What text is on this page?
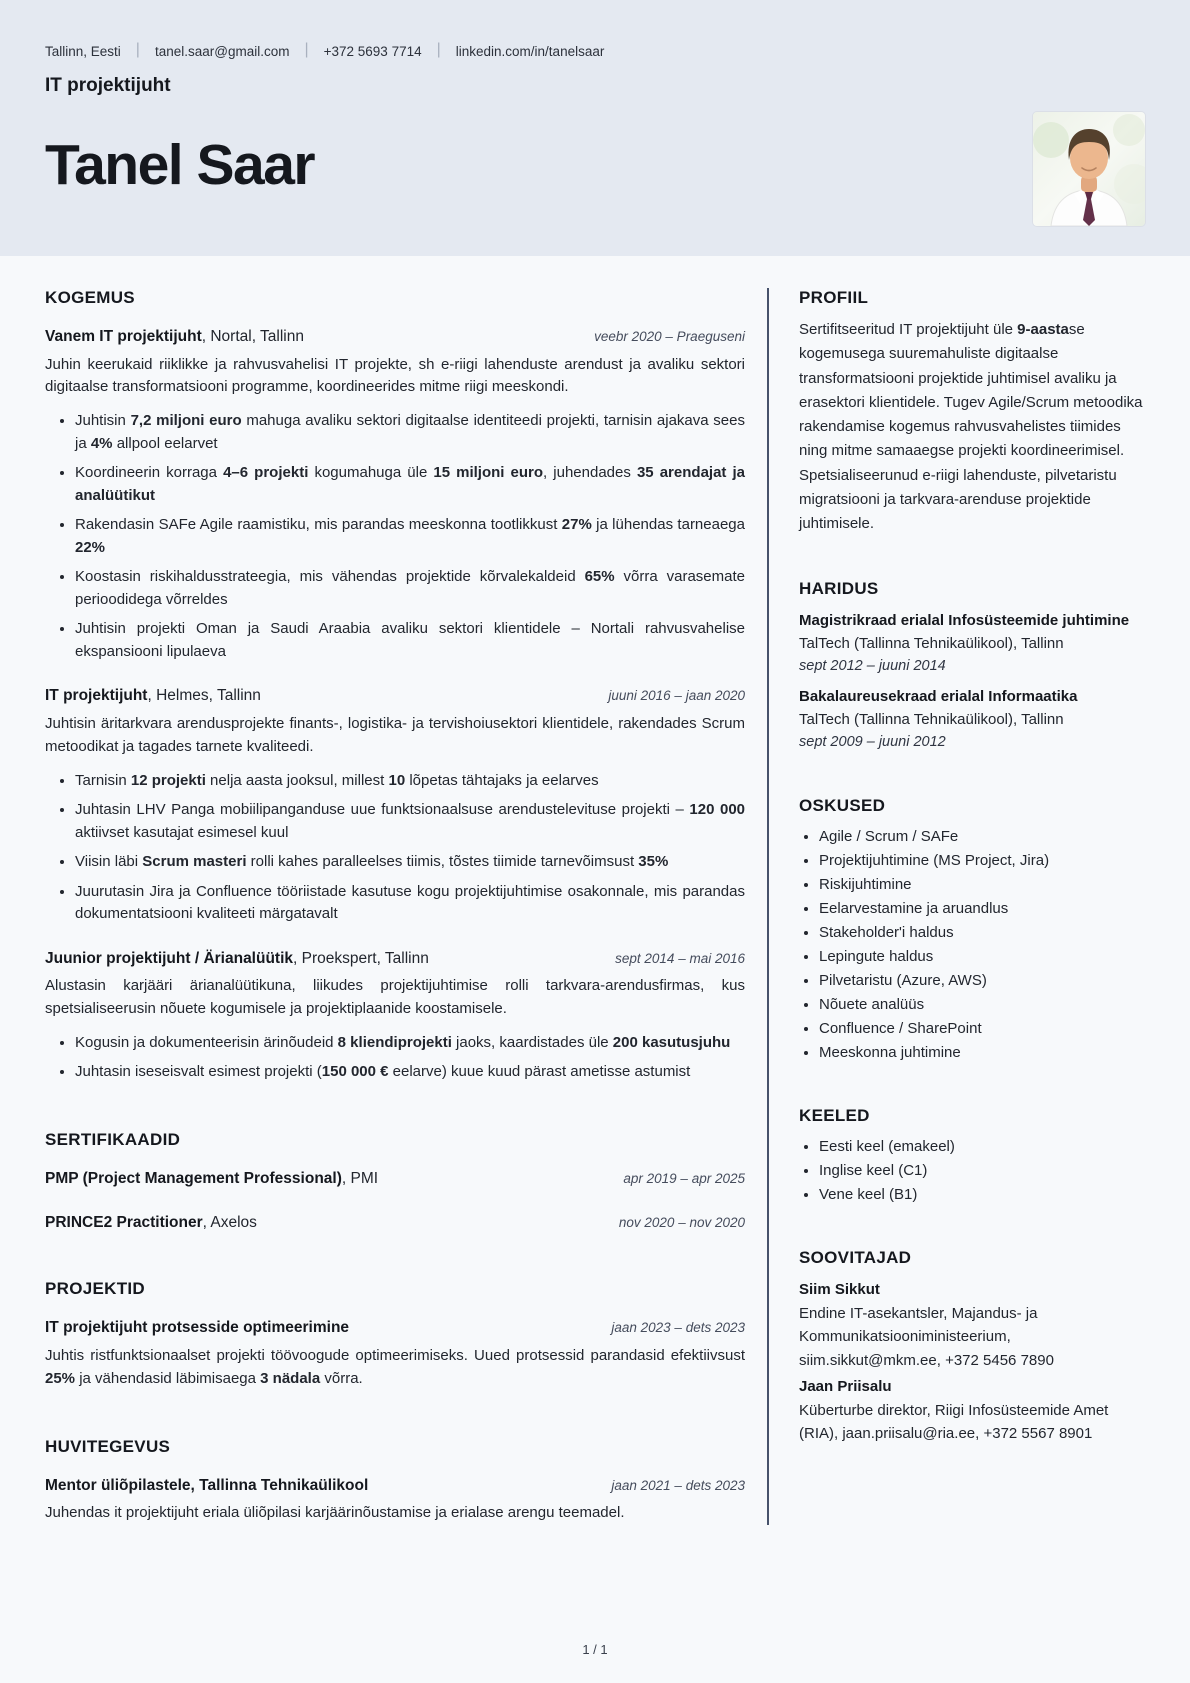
Tallinn, Eesti | tanel.saar@gmail.com | +372 5693 7714 | linkedin.com/in/tanelsaar
IT projektijuht
Tanel Saar
KOGEMUS
Vanem IT projektijuht, Nortal, Tallinn	veebr 2020 – Praeguseni
Juhin keerukaid riiklikke ja rahvusvahelisi IT projekte, sh e-riigi lahenduste arendust ja avaliku sektori digitaalse transformatsiooni programme, koordineerides mitme riigi meeskondi.
• Juhtisin 7,2 miljoni euro mahuga avaliku sektori digitaalse identiteedi projekti, tarnisin ajakava sees ja 4% allpool eelarvet
• Koordineerin korraga 4–6 projekti kogumahuga üle 15 miljoni euro, juhendades 35 arendajat ja analüütikut
• Rakendasin SAFe Agile raamistiku, mis parandas meeskonna tootlikkust 27% ja lühendas tarneaega 22%
• Koostasin riskihaldusstrateegia, mis vähendas projektide kõrvalekaldeid 65% võrra varasemate perioodidega võrreldes
• Juhtisin projekti Oman ja Saudi Araabia avaliku sektori klientidele – Nortali rahvusvahelise ekspansiooni lipulaeva
IT projektijuht, Helmes, Tallinn	juuni 2016 – jaan 2020
Juhtisin äritarkvara arendusprojekte finants-, logistika- ja tervishoiusektori klientidele, rakendades Scrum metoodikat ja tagades tarnete kvaliteedi.
• Tarnisin 12 projekti nelja aasta jooksul, millest 10 lõpetas tähtajaks ja eelarves
• Juhtasin LHV Panga mobiilipanganduse uue funktsionaalsuse arendustelevituse projekti – 120 000 aktiivset kasutajat esimesel kuul
• Viisin läbi Scrum masteri rolli kahes paralleelses tiimis, tõstes tiimide tarnevõimsust 35%
• Juurutasin Jira ja Confluence tööriistade kasutuse kogu projektijuhtimise osakonnale, mis parandas dokumentatsiooni kvaliteeti märgatavalt
Juunior projektijuht / Ärianalüütik, Proekspert, Tallinn	sept 2014 – mai 2016
Alustasin karjääri ärianalüütikuna, liikudes projektijuhtimise rolli tarkvara-arendusfirmas, kus spetsialiseerusin nõuete kogumisele ja projektiplaanide koostamisele.
• Kogusin ja dokumenteerisin ärinõudeid 8 kliendiprojekti jaoks, kaardistades üle 200 kasutusjuhu
• Juhtasin iseseisvalt esimest projekti (150 000 € eelarve) kuue kuud pärast ametisse astumist
SERTIFIKAADID
PMP (Project Management Professional), PMI	apr 2019 – apr 2025
PRINCE2 Practitioner, Axelos	nov 2020 – nov 2020
PROJEKTID
IT projektijuht protsesside optimeerimine	jaan 2023 – dets 2023
Juhtis ristfunktsionaalset projekti töövoogude optimeerimiseks. Uued protsessid parandasid efektiivsust 25% ja vähendasid läbimisaega 3 nädala võrra.
HUVITEGEVUS
Mentor üliõpilastele, Tallinna Tehnikaülikool	jaan 2021 – dets 2023
Juhendas it projektijuht eriala üliõpilasi karjäärinõustamise ja erialase arengu teemadel.
PROFIIL
Sertifitseeritud IT projektijuht üle 9-aastase kogemusega suuremahuliste digitaalse transformatsiooni projektide juhtimisel avaliku ja erasektori klientidele. Tugev Agile/Scrum metoodika rakendamise kogemus rahvusvahelistes tiimides ning mitme samaaegse projekti koordineerimisel. Spetsialiseerunud e-riigi lahenduste, pilvetaristu migratsiooni ja tarkvara-arenduse projektide juhtimisele.
HARIDUS
Magistrikraad erialal Infosüsteemide juhtimine
TalTech (Tallinna Tehnikaülikool), Tallinn
sept 2012 – juuni 2014
Bakalaureusekraad erialal Informaatika
TalTech (Tallinna Tehnikaülikool), Tallinn
sept 2009 – juuni 2012
OSKUSED
• Agile / Scrum / SAFe
• Projektijuhtimine (MS Project, Jira)
• Riskijuhtimine
• Eelarvestamine ja aruandlus
• Stakeholder'i haldus
• Lepingute haldus
• Pilvetaristu (Azure, AWS)
• Nõuete analüüs
• Confluence / SharePoint
• Meeskonna juhtimine
KEELED
• Eesti keel (emakeel)
• Inglise keel (C1)
• Vene keel (B1)
SOOVITAJAD
Siim Sikkut
Endine IT-asekantsler, Majandus- ja Kommunikatsiooniministeerium, siim.sikkut@mkm.ee, +372 5456 7890
Jaan Priisalu
Küberturbe direktor, Riigi Infosüsteemide Amet (RIA), jaan.priisalu@ria.ee, +372 5567 8901
1 / 1
